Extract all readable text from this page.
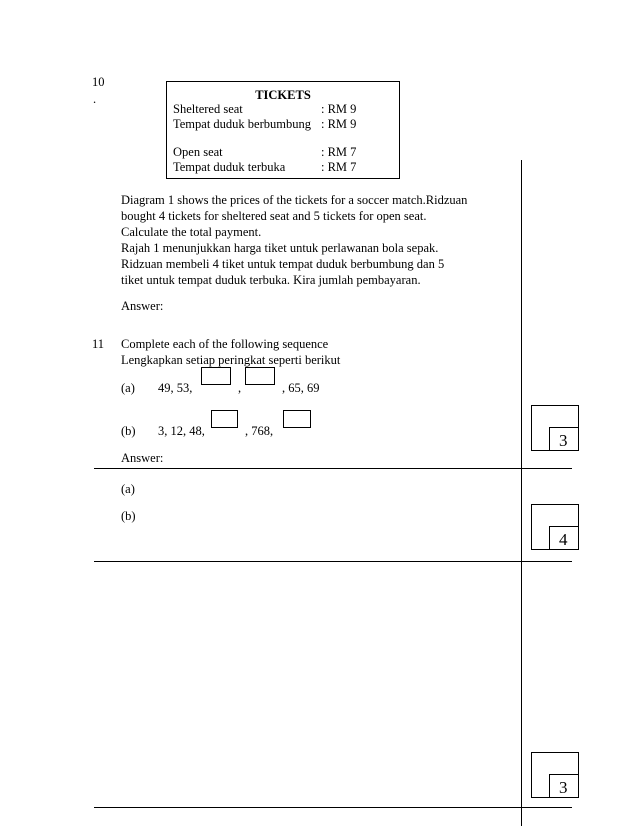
10
.	TICKETS
Sheltered seat	: RM 9
Tempat duduk berbumbung : RM 9
Open seat	: RM 7
Tempat duduk terbuka	: RM 7
Diagram 1 shows the prices of the tickets for a soccer match.Ridzuan
bought 4 tickets for sheltered seat and 5 tickets for open seat.
Calculate the total payment.
Rajah 1 menunjukkan harga tiket untuk perlawanan bola sepak.
Ridzuan membeli 4 tiket untuk tempat duduk berbumbung dan 5
tiket untuk tempat duduk terbuka. Kira jumlah pembayaran.
Answer:
11 Complete each of the following sequence
Lengkapkan setiap peringkat seperti berikut
(a) 49, 53,	,	, 65, 69
(b) 3, 12, 48,	, 768,
Answer:
(a)
(b)
3
4
3
